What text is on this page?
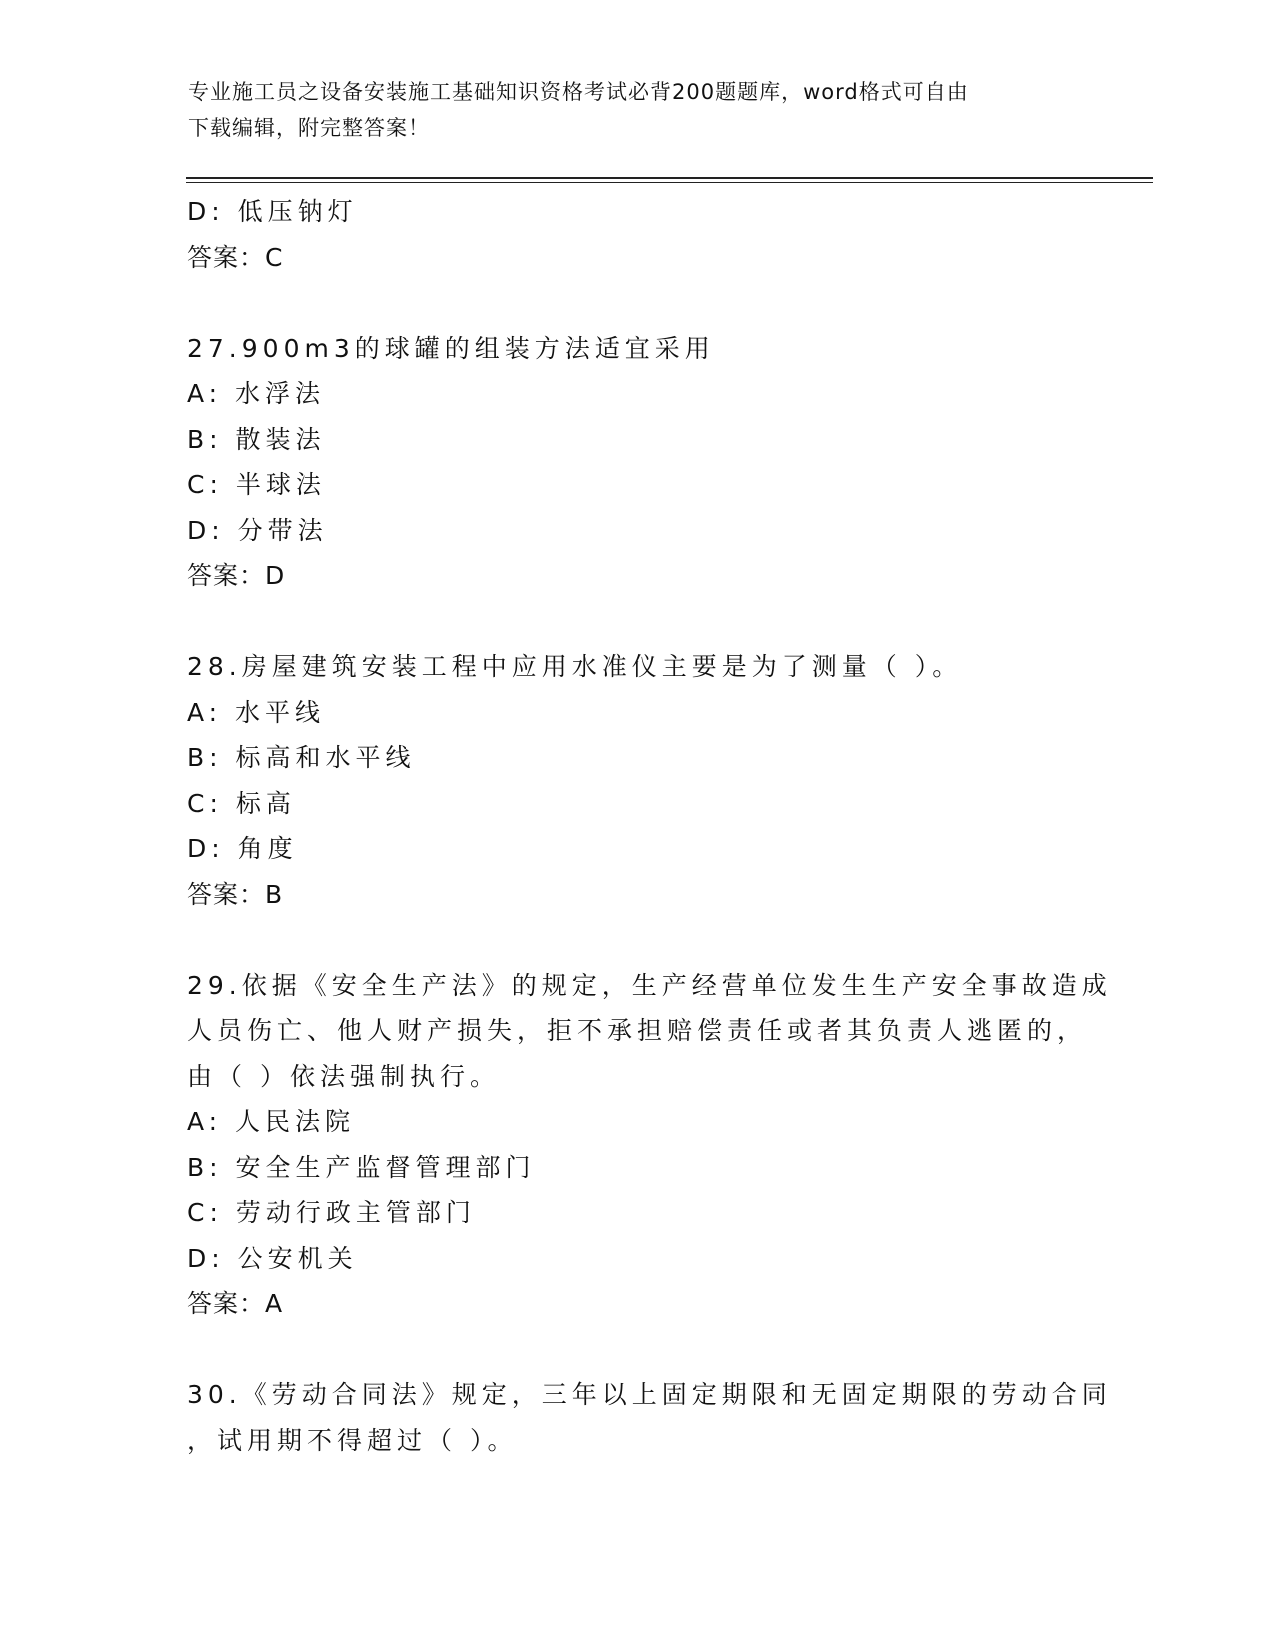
专业施工员之设备安装施工基础知识资格考试必背200题题库，word格式可自由
下载编辑，附完整答案！
D: 低压钠灯
答案：C
27.900m3的球罐的组装方法适宜采用
A: 水浮法
B: 散装法
C: 半球法
D: 分带法
答案：D
28.房屋建筑安装工程中应用水准仪主要是为了测量（ ）。
A: 水平线
B: 标高和水平线
C: 标高
D: 角度
答案：B
29.依据《安全生产法》的规定，生产经营单位发生生产安全事故造成
人员伤亡、他人财产损失，拒不承担赔偿责任或者其负责人逃匿的，
由（ ）依法强制执行。
A: 人民法院
B: 安全生产监督管理部门
C: 劳动行政主管部门
D: 公安机关
答案：A
30.《劳动合同法》规定，三年以上固定期限和无固定期限的劳动合同
，试用期不得超过（ ）。
